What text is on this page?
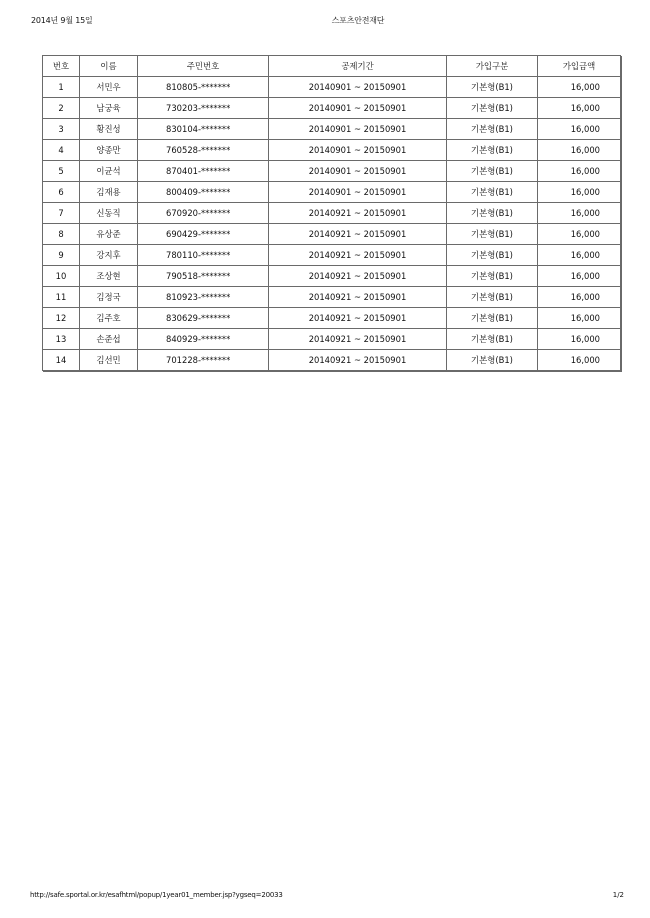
2014년 9월 15일	스포츠안전재단
번호	이름	주민번호	공제기간	가입구분	가입금액
1	서민우	810805-*******	20140901 ~ 20150901	기본형(B1)	16,000
2	남궁육	730203-*******	20140901 ~ 20150901	기본형(B1)	16,000
3	황진성	830104-*******	20140901 ~ 20150901	기본형(B1)	16,000
4	양종만	760528-*******	20140901 ~ 20150901	기본형(B1)	16,000
5	이균석	870401-*******	20140901 ~ 20150901	기본형(B1)	16,000
6	김재용	800409-*******	20140901 ~ 20150901	기본형(B1)	16,000
7	신동직	670920-*******	20140921 ~ 20150901	기본형(B1)	16,000
8	유상준	690429-*******	20140921 ~ 20150901	기본형(B1)	16,000
9	강지후	780110-*******	20140921 ~ 20150901	기본형(B1)	16,000
10	조상현	790518-*******	20140921 ~ 20150901	기본형(B1)	16,000
11	김정국	810923-*******	20140921 ~ 20150901	기본형(B1)	16,000
12	김주호	830629-*******	20140921 ~ 20150901	기본형(B1)	16,000
13	손준섭	840929-*******	20140921 ~ 20150901	기본형(B1)	16,000
14	김선민	701228-*******	20140921 ~ 20150901	기본형(B1)	16,000
http://safe.sportal.or.kr/esafhtml/popup/1year01_member.jsp?ygseq=20033	1/2
